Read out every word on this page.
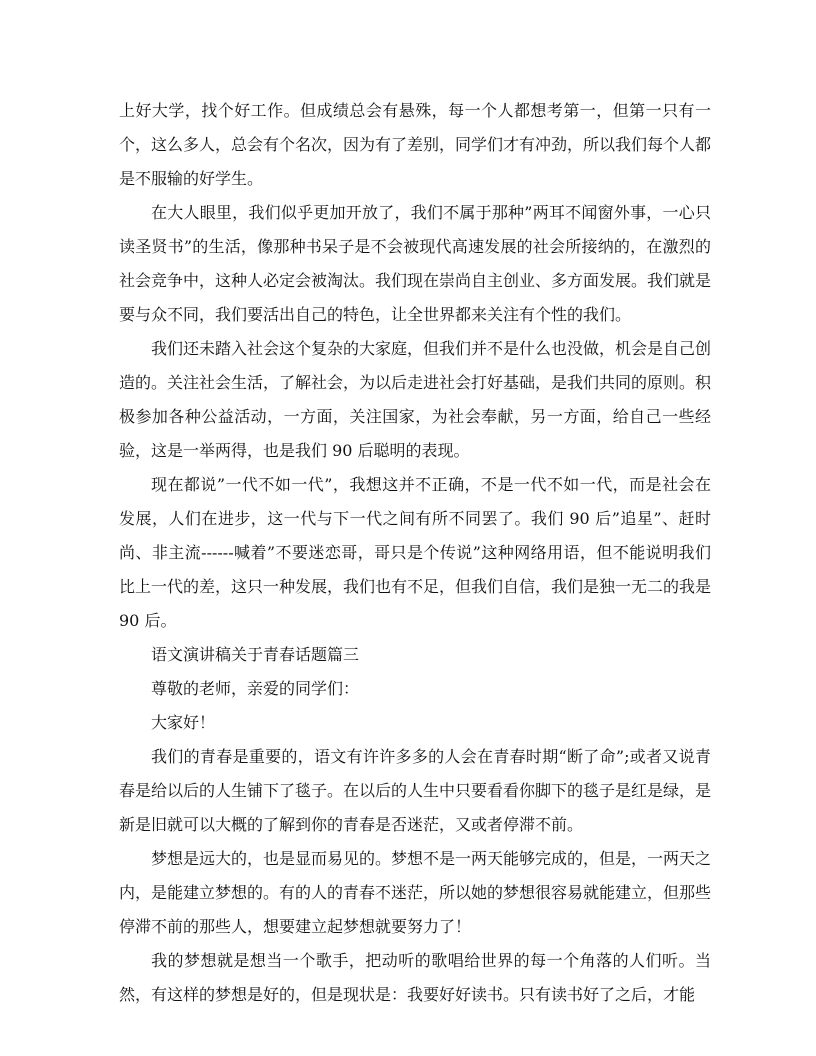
上好大学，找个好工作。但成绩总会有悬殊，每一个人都想考第一，但第一只有一个，这么多人，总会有个名次，因为有了差别，同学们才有冲劲，所以我们每个人都是不服输的好学生。

在大人眼里，我们似乎更加开放了，我们不属于那种”两耳不闻窗外事，一心只读圣贤书”的生活，像那种书呆子是不会被现代高速发展的社会所接纳的，在激烈的社会竞争中，这种人必定会被淘汰。我们现在崇尚自主创业、多方面发展。我们就是要与众不同，我们要活出自己的特色，让全世界都来关注有个性的我们。

我们还未踏入社会这个复杂的大家庭，但我们并不是什么也没做，机会是自己创造的。关注社会生活，了解社会，为以后走进社会打好基础，是我们共同的原则。积极参加各种公益活动，一方面，关注国家，为社会奉献，另一方面，给自己一些经验，这是一举两得，也是我们 90 后聪明的表现。

现在都说”一代不如一代”，我想这并不正确，不是一代不如一代，而是社会在发展，人们在进步，这一代与下一代之间有所不同罢了。我们 90 后”追星”、赶时尚、非主流------喊着”不要迷恋哥，哥只是个传说”这种网络用语，但不能说明我们比上一代的差，这只一种发展，我们也有不足，但我们自信，我们是独一无二的我是 90 后。

语文演讲稿关于青春话题篇三

尊敬的老师，亲爱的同学们：

大家好！

我们的青春是重要的，语文有许许多多的人会在青春时期“断了命”;或者又说青春是给以后的人生铺下了毯子。在以后的人生中只要看看你脚下的毯子是红是绿，是新是旧就可以大概的了解到你的青春是否迷茫，又或者停滞不前。

梦想是远大的，也是显而易见的。梦想不是一两天能够完成的，但是，一两天之内，是能建立梦想的。有的人的青春不迷茫，所以她的梦想很容易就能建立，但那些停滞不前的那些人，想要建立起梦想就要努力了！

我的梦想就是想当一个歌手，把动听的歌唱给世界的每一个角落的人们听。当然，有这样的梦想是好的，但是现状是：我要好好读书。只有读书好了之后，才能
